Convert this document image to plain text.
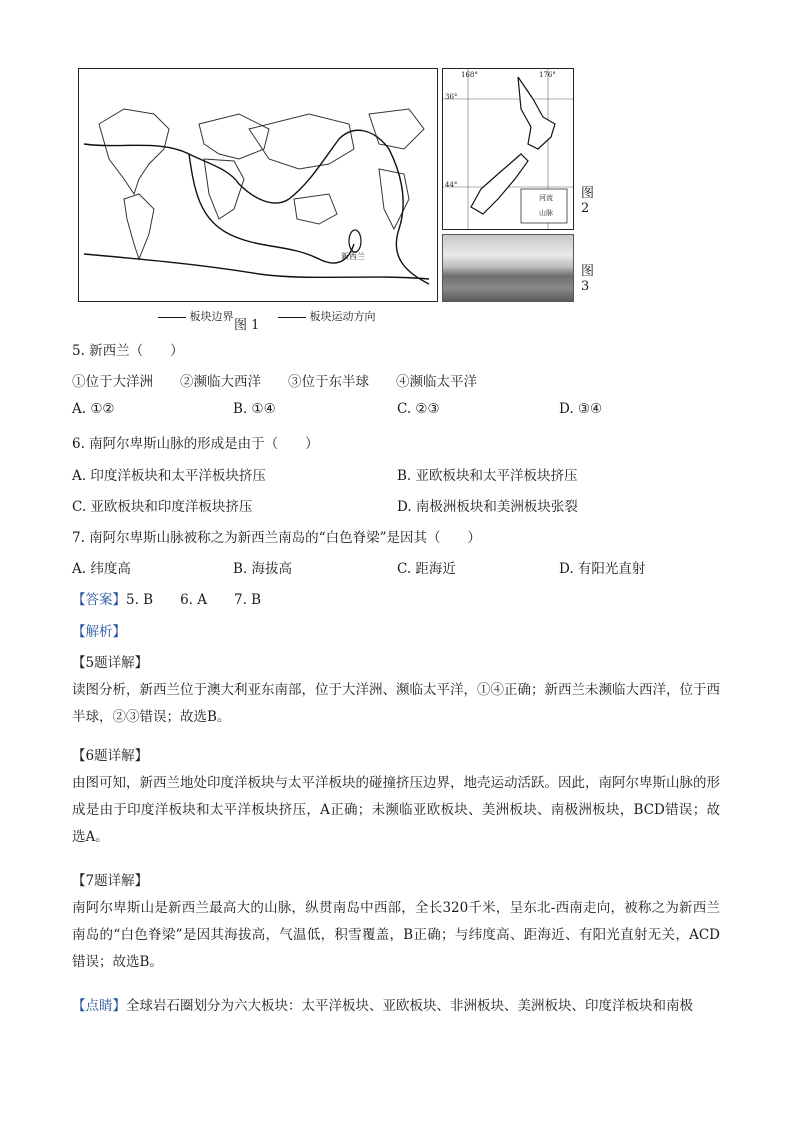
新西兰
168°	176°
36°
44°
河流
山脉
图 2
图 3
板块边界	板块运动方向
图 1
5. 新西兰（　　）
①位于大洋洲　　②濒临大西洋　　③位于东半球　　④濒临太平洋
A. ①②	B. ①④	C. ②③	D. ③④
6. 南阿尔卑斯山脉的形成是由于（　　）
A. 印度洋板块和太平洋板块挤压	B. 亚欧板块和太平洋板块挤压
C. 亚欧板块和印度洋板块挤压	D. 南极洲板块和美洲板块张裂
7. 南阿尔卑斯山脉被称之为新西兰南岛的“白色脊梁”是因其（　　）
A. 纬度高	B. 海拔高	C. 距海近	D. 有阳光直射
【答案】5. B　　6. A　　7. B
【解析】
【5题详解】
读图分析，新西兰位于澳大利亚东南部，位于大洋洲、濒临太平洋，①④正确；新西兰未濒临大西洋，位于西半球，②③错误；故选B。
【6题详解】
由图可知，新西兰地处印度洋板块与太平洋板块的碰撞挤压边界，地壳运动活跃。因此，南阿尔卑斯山脉的形成是由于印度洋板块和太平洋板块挤压，A正确；未濒临亚欧板块、美洲板块、南极洲板块，BCD错误；故选A。
【7题详解】
南阿尔卑斯山是新西兰最高大的山脉，纵贯南岛中西部，全长320千米，呈东北-西南走向，被称之为新西兰南岛的“白色脊梁”是因其海拔高，气温低，积雪覆盖，B正确；与纬度高、距海近、有阳光直射无关，ACD错误；故选B。
【点睛】全球岩石圈划分为六大板块：太平洋板块、亚欧板块、非洲板块、美洲板块、印度洋板块和南极
